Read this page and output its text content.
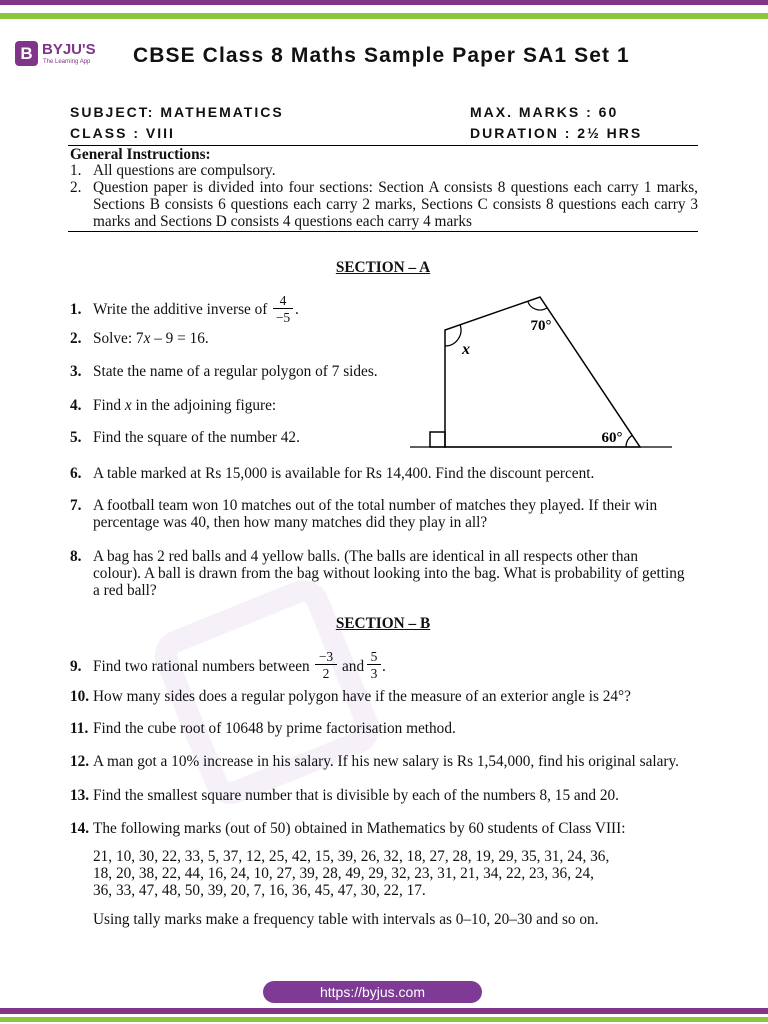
B BYJU'S
The Learning App CBSE Class 8 Maths Sample Paper SA1 Set 1
SUBJECT: MATHEMATICS	MAX. MARKS : 60
CLASS : VIII	DURATION : 2½ HRS
General Instructions:
1. All questions are compulsory.
2. Question paper is divided into four sections: Section A consists 8 questions each carry 1 marks,
Sections B consists 6 questions each carry 2 marks, Sections C consists 8 questions each carry 3
marks and Sections D consists 4 questions each carry 4 marks
SECTION – A
1. Write the additive inverse of $\frac{4}{-5}$ .
2. Solve: 7x – 9 = 16.
3. State the name of a regular polygon of 7 sides.
4. Find x in the adjoining figure:
5. Find the square of the number 42.
x
70°
60°
6. A table marked at Rs 15,000 is available for Rs 14,400. Find the discount percent.
7. A football team won 10 matches out of the total number of matches they played. If their win
percentage was 40, then how many matches did they play in all?
8. A bag has 2 red balls and 4 yellow balls. (The balls are identical in all respects other than
colour). A ball is drawn from the bag without looking into the bag. What is probability of getting
a red ball?
SECTION – B
9. Find two rational numbers between $\frac{-3}{2}$ and $\frac{5}{3}$ .
10. How many sides does a regular polygon have if the measure of an exterior angle is 24°?
11. Find the cube root of 10648 by prime factorisation method.
12. A man got a 10% increase in his salary. If his new salary is Rs 1,54,000, find his original salary.
13. Find the smallest square number that is divisible by each of the numbers 8, 15 and 20.
14. The following marks (out of 50) obtained in Mathematics by 60 students of Class VIII:
21, 10, 30, 22, 33, 5, 37, 12, 25, 42, 15, 39, 26, 32, 18, 27, 28, 19, 29, 35, 31, 24, 36,
18, 20, 38, 22, 44, 16, 24, 10, 27, 39, 28, 49, 29, 32, 23, 31, 21, 34, 22, 23, 36, 24,
36, 33, 47, 48, 50, 39, 20, 7, 16, 36, 45, 47, 30, 22, 17.
Using tally marks make a frequency table with intervals as 0–10, 20–30 and so on.
https://byjus.com
